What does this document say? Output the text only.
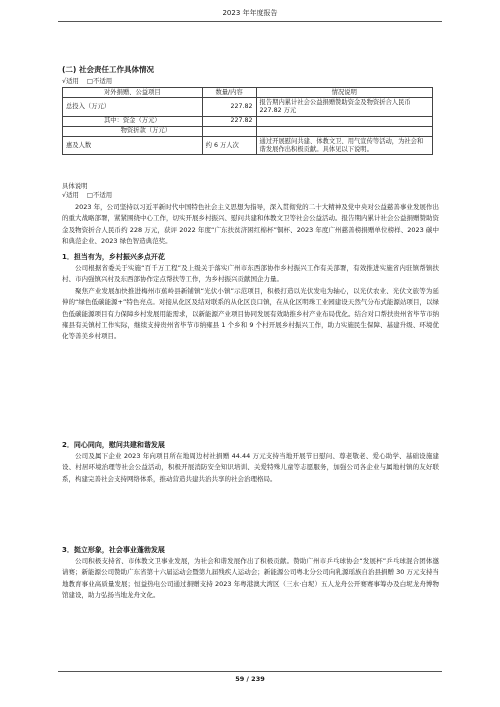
2023 年年度报告
(二) 社会责任工作具体情况
√适用 □不适用
对外捐赠、公益项目	数量/内容	情况说明
总投入（万元）	227.82	报告期内累计社会公益捐赠赞助资金及物资折合人民币 227.82 万元
其中：资金（万元）	227.82	
物资折款（万元）		
惠及人数	约 6 万人次	通过开展慰问共建、体教文卫、用气宣传等活动，为社会和谐发展作出积极贡献。具体见以下说明。
具体说明
√适用 □不适用

2023 年，公司坚持以习近平新时代中国特色社会主义思想为指导，深入贯彻党的二十大精神及党中央对公益慈善事业发展作出的重大战略部署，紧紧围绕中心工作，切实开展乡村振兴、慰问共建和体教文卫等社会公益活动。报告期内累计社会公益捐赠赞助资金及物资折合人民币约 228 万元，获评 2022 年度“广东扶贫济困红棉杯”铜杯、2023 年度广州慈善榜捐赠单位榜样、2023 碳中和典范企业、2023 绿色智造典范奖。

1．担当有为，乡村振兴多点开花

公司根据省委关于实施“百千万工程”及上级关于落实广州市东西部协作乡村振兴工作有关部署，有效推进实施省内驻镇帮镇扶村、市内强镇兴村及东西部协作定点帮扶等工作，为乡村振兴贡献国企力量。

聚焦产业发展加快推进梅州市蕉岭县新铺镇“光伏小镇”示范项目，积极打造以光伏发电为轴心，以光伏农业、光伏文旅等为延伸的“绿色低碳能源+”特色亮点。对接从化区及结对联系的从化区良口镇，在从化区明珠工业园建设天然气分布式能源站项目，以绿色低碳能源项目有力保障乡村发展用能需求，以新能源产业项目协同发展有效助推乡村产业布局优化。结合对口帮扶贵州省毕节市纳雍县有关镇村工作实际，继续支持贵州省毕节市纳雍县 1 个乡和 9 个村开展乡村振兴工作，助力实施民生保障、基建升级、环境优化等善美乡村项目。

2．同心同向，慰问共建和谐发展

公司及属下企业 2023 年向项目所在地周边村社捐赠 44.44 万元支持当地开展节日慰问、尊老敬老、爱心助学、基础设施建设、村居环境治理等社会公益活动，积极开展消防安全知识培训、关爱特殊儿童等志愿服务，加强公司各企业与属地村镇的友好联系，构建完善社会支持网络体系，推动营造共建共治共享的社会治理格局。

3．挺立形象，社会事业蓬勃发展

公司积极支持省、市体教文卫事业发展，为社会和谐发展作出了积极贡献。赞助广州市乒乓球协会“发展杯”乒乓球混合团体邀请赛；新能源公司赞助广东省第十六届运动会暨第九届残疾人运动会；新能源公司粤北分公司向乳源瑶族自治县捐赠 30 万元支持当地教育事业高质量发展；恒益热电公司通过捐赠支持 2023 年粤港澳大湾区（三水·白坭）五人龙舟公开赛赛事筹办及白坭龙舟博物馆建设，助力弘扬当地龙舟文化。

59 / 239
